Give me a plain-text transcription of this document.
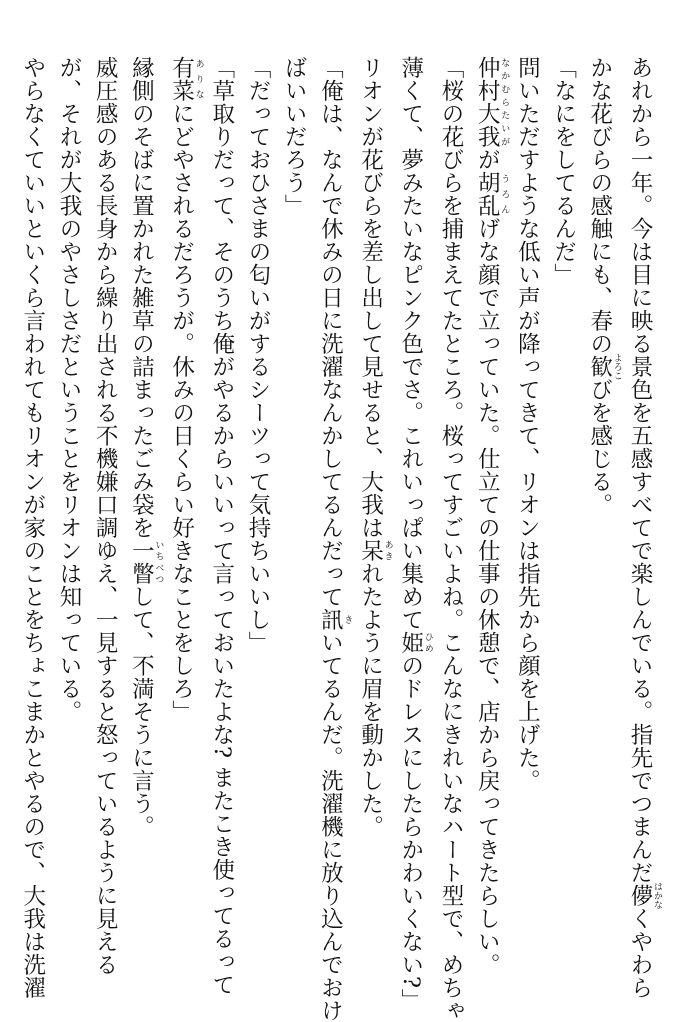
あれから一年。今は目に映る景色を五感すべてで楽しんでいる。指先でつまんだ儚 はかなくやわら
かな花びらの感触にも、春の歓 よろこびを感じる。
「なにをしてるんだ」
問いただすような低い声が降ってきて、リオンは指先から顔を上げた。
仲村大我 なかむらたいがが胡乱 うろんげな顔で立っていた。仕立ての仕事の休憩で、店から戻ってきたらしい。
「桜の花びらを捕まえてたところ。桜ってすごいよね。こんなにきれいなハート型で、めちゃ
薄くて、夢みたいなピンク色でさ。これいっぱい集めて姫 ひめのドレスにしたらかわいくない?」
リオンが花びらを差し出して見せると、大我は呆 あきれたように眉を動かした。
「俺は、なんで休みの日に洗濯なんかしてるんだって訊 きいてるんだ。洗濯機に放り込んでおけ
ばいいだろう」
「だっておひさまの匂いがするシーツって気持ちいいし」
「草取りだって、そのうち俺がやるからいいって言っておいたよな? またこき使ってるって
有菜 ありなにどやされるだろうが。休みの日くらい好きなことをしろ」
縁側のそばに置かれた雑草の詰まったごみ袋を一瞥 いちべつして、不満そうに言う。
威圧感のある長身から繰り出される不機嫌口調ゆえ、一見すると怒っているように見える
が、それが大我のやさしさだということをリオンは知っている。
やらなくていいといくら言われてもリオンが家のことをちょこまかとやるので、大我は洗濯
